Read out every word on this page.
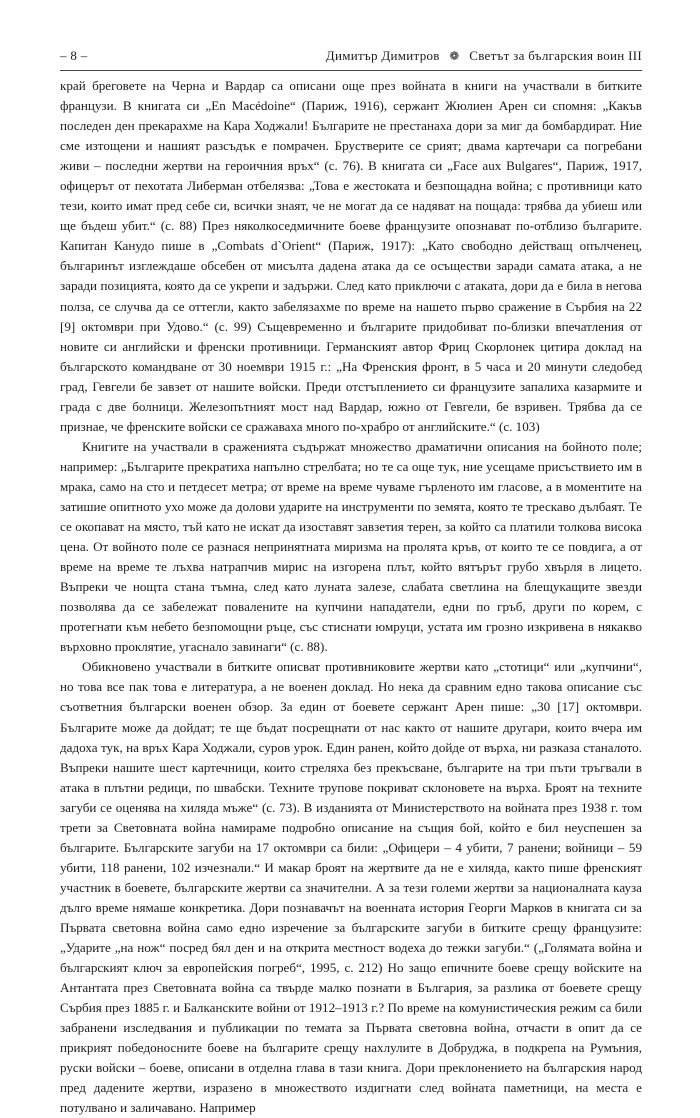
– 8 –	Димитър Димитров ❁ Светът за българския воин III

край бреговете на Черна и Вардар са описани още през войната в книги на участвали в битките французи. В книгата си „En Macédoine“ (Париж, 1916), сержант Жюлиен Арен си спомня: „Какъв последен ден прекарахме на Кара Ходжали! Българите не престанаха дори за миг да бомбардират. Ние сме изтощени и нашият разсъдък е помрачен. Брустверите се срият; двама картечари са погребани живи – последни жертви на героичния връх“ (с. 76). В книгата си „Face aux Bulgares“, Париж, 1917, офицерът от пехотата Либерман отбелязва: „Това е жестоката и безпощадна война; с противници като тези, които имат пред себе си, всички знаят, че не могат да се надяват на пощада: трябва да убиеш или ще бъдеш убит.“ (с. 88) През няколкоседмичните боеве французите опознават по-отблизо българите. Капитан Канудо пише в „Combats d`Orient“ (Париж, 1917): „Като свободно действащ опълченец, българинът изглеждаше обсебен от мисълта дадена атака да се осъществи заради самата атака, а не заради позицията, която да се укрепи и задържи. След като приключи с атаката, дори да е била в негова полза, се случва да се оттегли, както забелязахме по време на нашето първо сражение в Сърбия на 22 [9] октомври при Удово.“ (с. 99) Същевременно и българите придобиват по-близки впечатления от новите си английски и френски противници. Германският автор Фриц Скорлонек цитира доклад на българското командване от 30 ноември 1915 г.: „На Френския фронт, в 5 часа и 20 минути следобед град, Гевгели бе завзет от нашите войски. Преди отстъплението си французите запалиха казармите и града с две болници. Железопътният мост над Вардар, южно от Гевгели, бе взривен. Трябва да се признае, че френските войски се сражаваха много по-храбро от английските.“ (с. 103)

Книгите на участвали в сраженията съдържат множество драматични описания на бойното поле; например: „Българите прекратиха напълно стрелбата; но те са още тук, ние усещаме присъствието им в мрака, само на сто и петдесет метра; от време на време чуваме гърленото им гласове, а в моментите на затишие опитното ухо може да долови ударите на инструменти по земята, която те трескаво дълбаят. Те се окопават на място, тъй като не искат да изоставят завзетия терен, за който са платили толкова висока цена. От войното поле се разнася непринятната миризма на пролята кръв, от които те се повдига, а от време на време те лъхва натрапчив мирис на изгорена плът, който вятърът грубо хвърля в лицето. Въпреки че нощта стана тъмна, след като луната залезе, слабата светлина на блещукащите звезди позволява да се забележат повалените на купчини нападатели, едни по гръб, други по корем, с протегнати към небето безпомощни ръце, със стиснати юмруци, устата им грозно изкривена в някакво върховно проклятие, угаснало завинаги“ (с. 88).

Обикновено участвали в битките описват противниковите жертви като „стотици“ или „купчини“, но това все пак това е литература, а не военен доклад. Но нека да сравним едно такова описание със съответния български военен обзор. За един от боевете сержант Арен пише: „30 [17] октомври. Българите може да дойдат; те ще бъдат посрещнати от нас както от нашите другари, които вчера им дадоха тук, на връх Кара Ходжали, суров урок. Един ранен, който дойде от върха, ни разказа станалото. Въпреки нашите шест картечници, които стреляха без прекъсване, българите на три пъти тръгвали в атака в плътни редици, по швабски. Техните трупове покриват склоновете на върха. Броят на техните загуби се оценява на хиляда мъже“ (с. 73). В изданията от Министерството на войната през 1938 г. том трети за Световната война намираме подробно описание на същия бой, който е бил неуспешен за българите. Българските загуби на 17 октомври са били: „Офицери – 4 убити, 7 ранени; войници – 59 убити, 118 ранени, 102 изчезнали.“ И макар броят на жертвите да не е хиляда, както пише френският участник в боевете, българските жертви са значителни. А за тези големи жертви за националната кауза дълго време нямаше конкретика. Дори познавачът на военната история Георги Марков в книгата си за Първата световна война само едно изречение за българските загуби в битките срещу французите: „Ударите „на нож“ посред бял ден и на открита местност водеха до тежки загуби.“ („Голямата война и българският ключ за европейския погреб“, 1995, с. 212) Но защо епичните боеве срещу войските на Антантата през Световната война са твърде малко познати в България, за разлика от боевете срещу Сърбия през 1885 г. и Балканските войни от 1912–1913 г.? По време на комунистическия режим са били забранени изследвания и публикации по темата за Първата световна война, отчасти в опит да се прикрият победоносните боеве на българите срещу нахлулите в Добруджа, в подкрепа на Румъния, руски войски – боеве, описани в отделна глава в тази книга. Дори преклонението на българския народ пред дадените жертви, изразено в множеството издигнати след войната паметници, на места е потулвано и заличавано. Например
